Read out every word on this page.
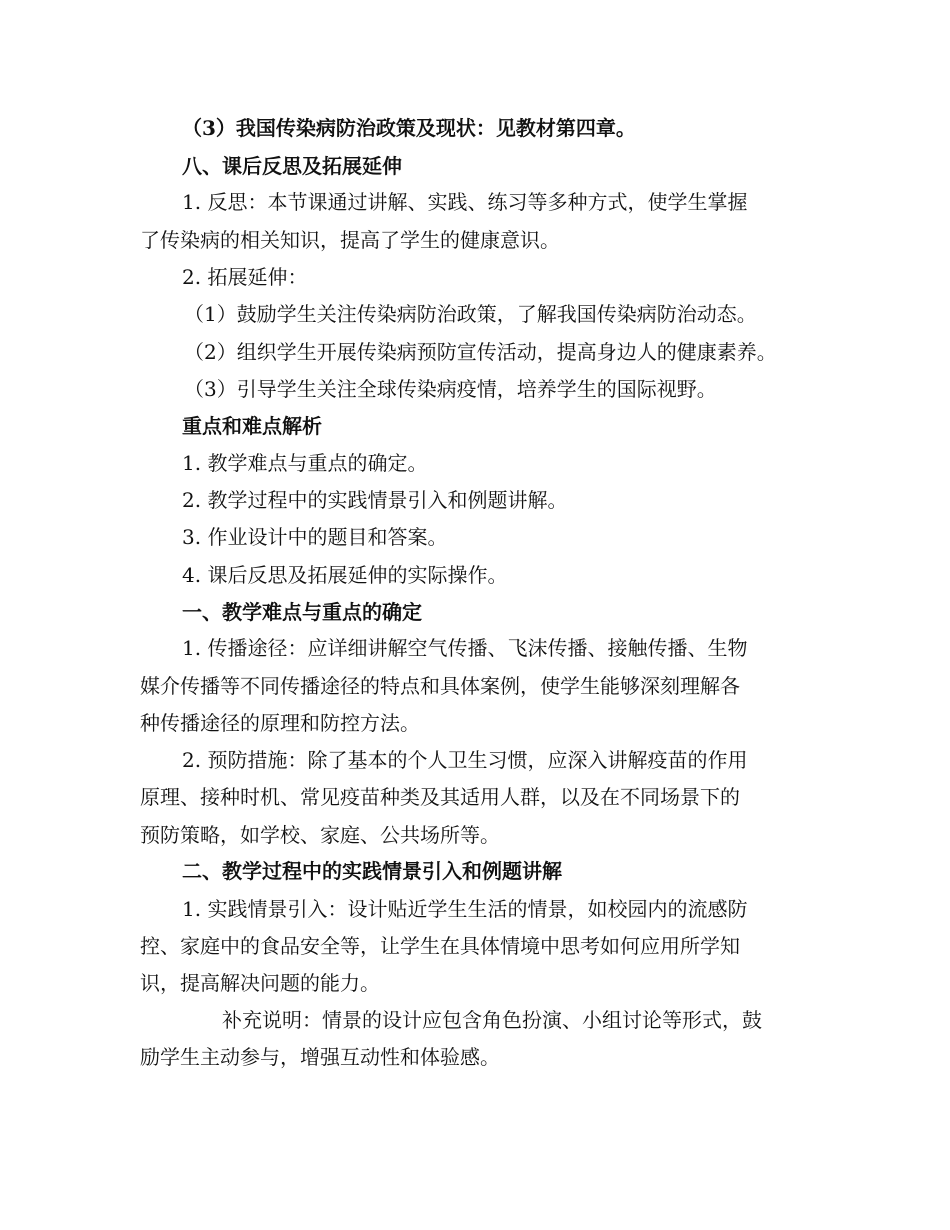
（3）我国传染病防治政策及现状：见教材第四章。
八、课后反思及拓展延伸
1. 反思：本节课通过讲解、实践、练习等多种方式，使学生掌握
了传染病的相关知识，提高了学生的健康意识。
2. 拓展延伸：
（1）鼓励学生关注传染病防治政策，了解我国传染病防治动态。
（2）组织学生开展传染病预防宣传活动，提高身边人的健康素养。
（3）引导学生关注全球传染病疫情，培养学生的国际视野。
重点和难点解析
1. 教学难点与重点的确定。
2. 教学过程中的实践情景引入和例题讲解。
3. 作业设计中的题目和答案。
4. 课后反思及拓展延伸的实际操作。
一、教学难点与重点的确定
1. 传播途径：应详细讲解空气传播、飞沫传播、接触传播、生物
媒介传播等不同传播途径的特点和具体案例，使学生能够深刻理解各
种传播途径的原理和防控方法。
2. 预防措施：除了基本的个人卫生习惯，应深入讲解疫苗的作用
原理、接种时机、常见疫苗种类及其适用人群，以及在不同场景下的
预防策略，如学校、家庭、公共场所等。
二、教学过程中的实践情景引入和例题讲解
1. 实践情景引入：设计贴近学生生活的情景，如校园内的流感防
控、家庭中的食品安全等，让学生在具体情境中思考如何应用所学知
识，提高解决问题的能力。
补充说明：情景的设计应包含角色扮演、小组讨论等形式，鼓
励学生主动参与，增强互动性和体验感。
